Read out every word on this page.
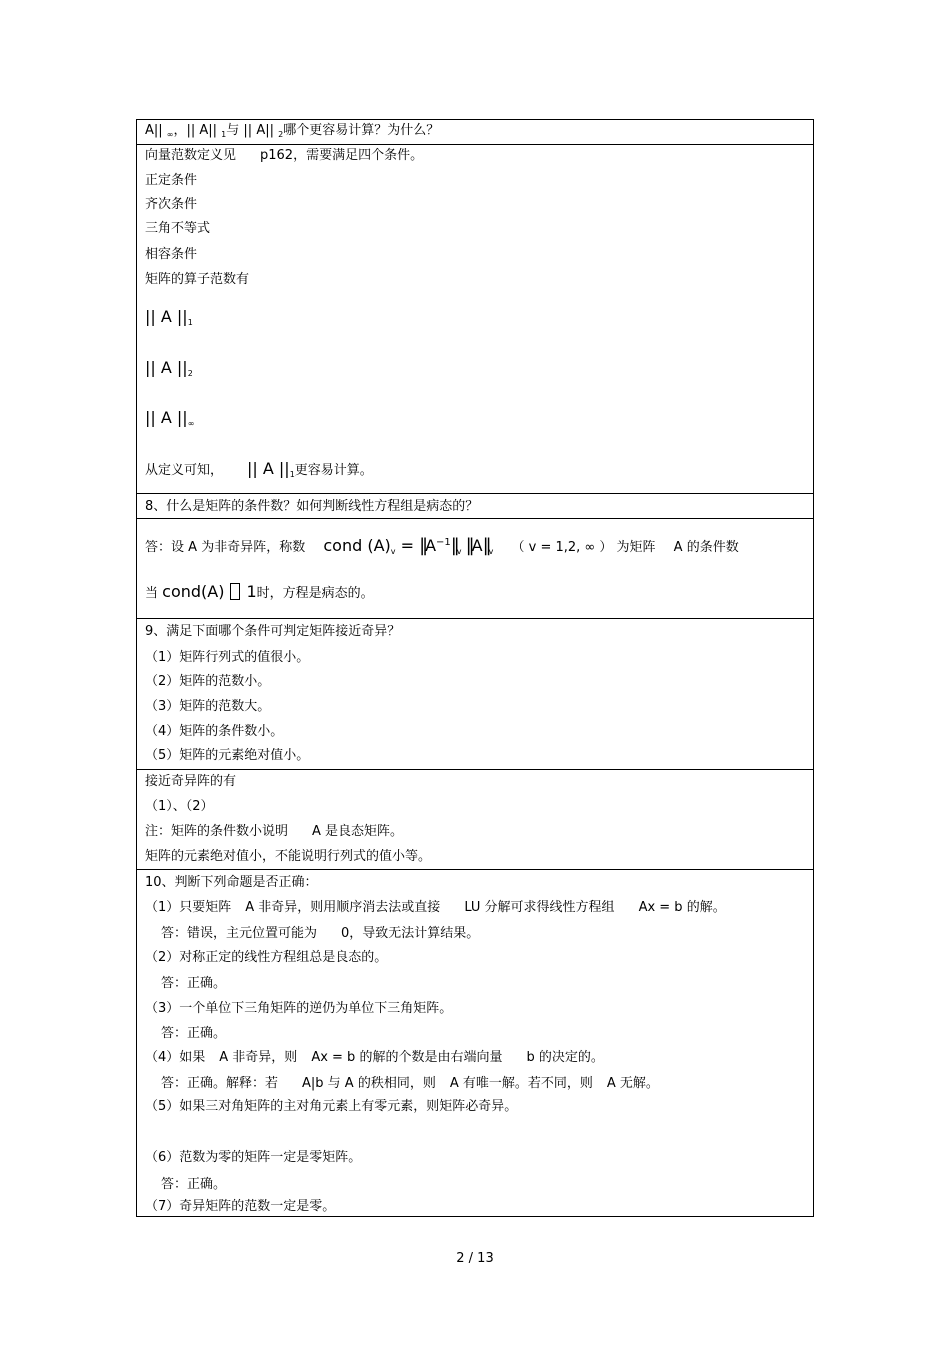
A|| $_\infty$，|| A|| $_1$与 || A|| $_2$哪个更容易计算？为什么？
向量范数定义见 p162，需要满足四个条件。
正定条件
齐次条件
三角不等式
相容条件
矩阵的算子范数有
|| A $||_1$
|| A $||_2$
|| A $||_\infty$
从定义可知， || A $||_1$更容易计算。
8、什么是矩阵的条件数？如何判断线性方程组是病态的？
答：设 A 为非奇异阵，称数 cond $(A)_v$ = $‖A^{-1}‖_v$ $‖A‖_v$ （ v = 1,2, ∞ ） 为矩阵 A 的条件数
当 cond(A) 1时，方程是病态的。
9、满足下面哪个条件可判定矩阵接近奇异？
（1）矩阵行列式的值很小。
（2）矩阵的范数小。
（3）矩阵的范数大。
（4）矩阵的条件数小。
（5）矩阵的元素绝对值小。
接近奇异阵的有
（1）、（2）
注：矩阵的条件数小说明 A 是良态矩阵。
矩阵的元素绝对值小，不能说明行列式的值小等。
10、判断下列命题是否正确：
（1）只要矩阵 A 非奇异，则用顺序消去法或直接 LU 分解可求得线性方程组 Ax = b 的解。
答：错误，主元位置可能为 0，导致无法计算结果。
（2）对称正定的线性方程组总是良态的。
答：正确。
（3）一个单位下三角矩阵的逆仍为单位下三角矩阵。
答：正确。
（4）如果 A 非奇异，则 Ax = b 的解的个数是由右端向量 b 的决定的。
答：正确。解释：若 A|b 与 A 的秩相同，则 A 有唯一解。若不同，则 A 无解。
（5）如果三对角矩阵的主对角元素上有零元素，则矩阵必奇异。
（6）范数为零的矩阵一定是零矩阵。
答：正确。
（7）奇异矩阵的范数一定是零。
2 / 13
